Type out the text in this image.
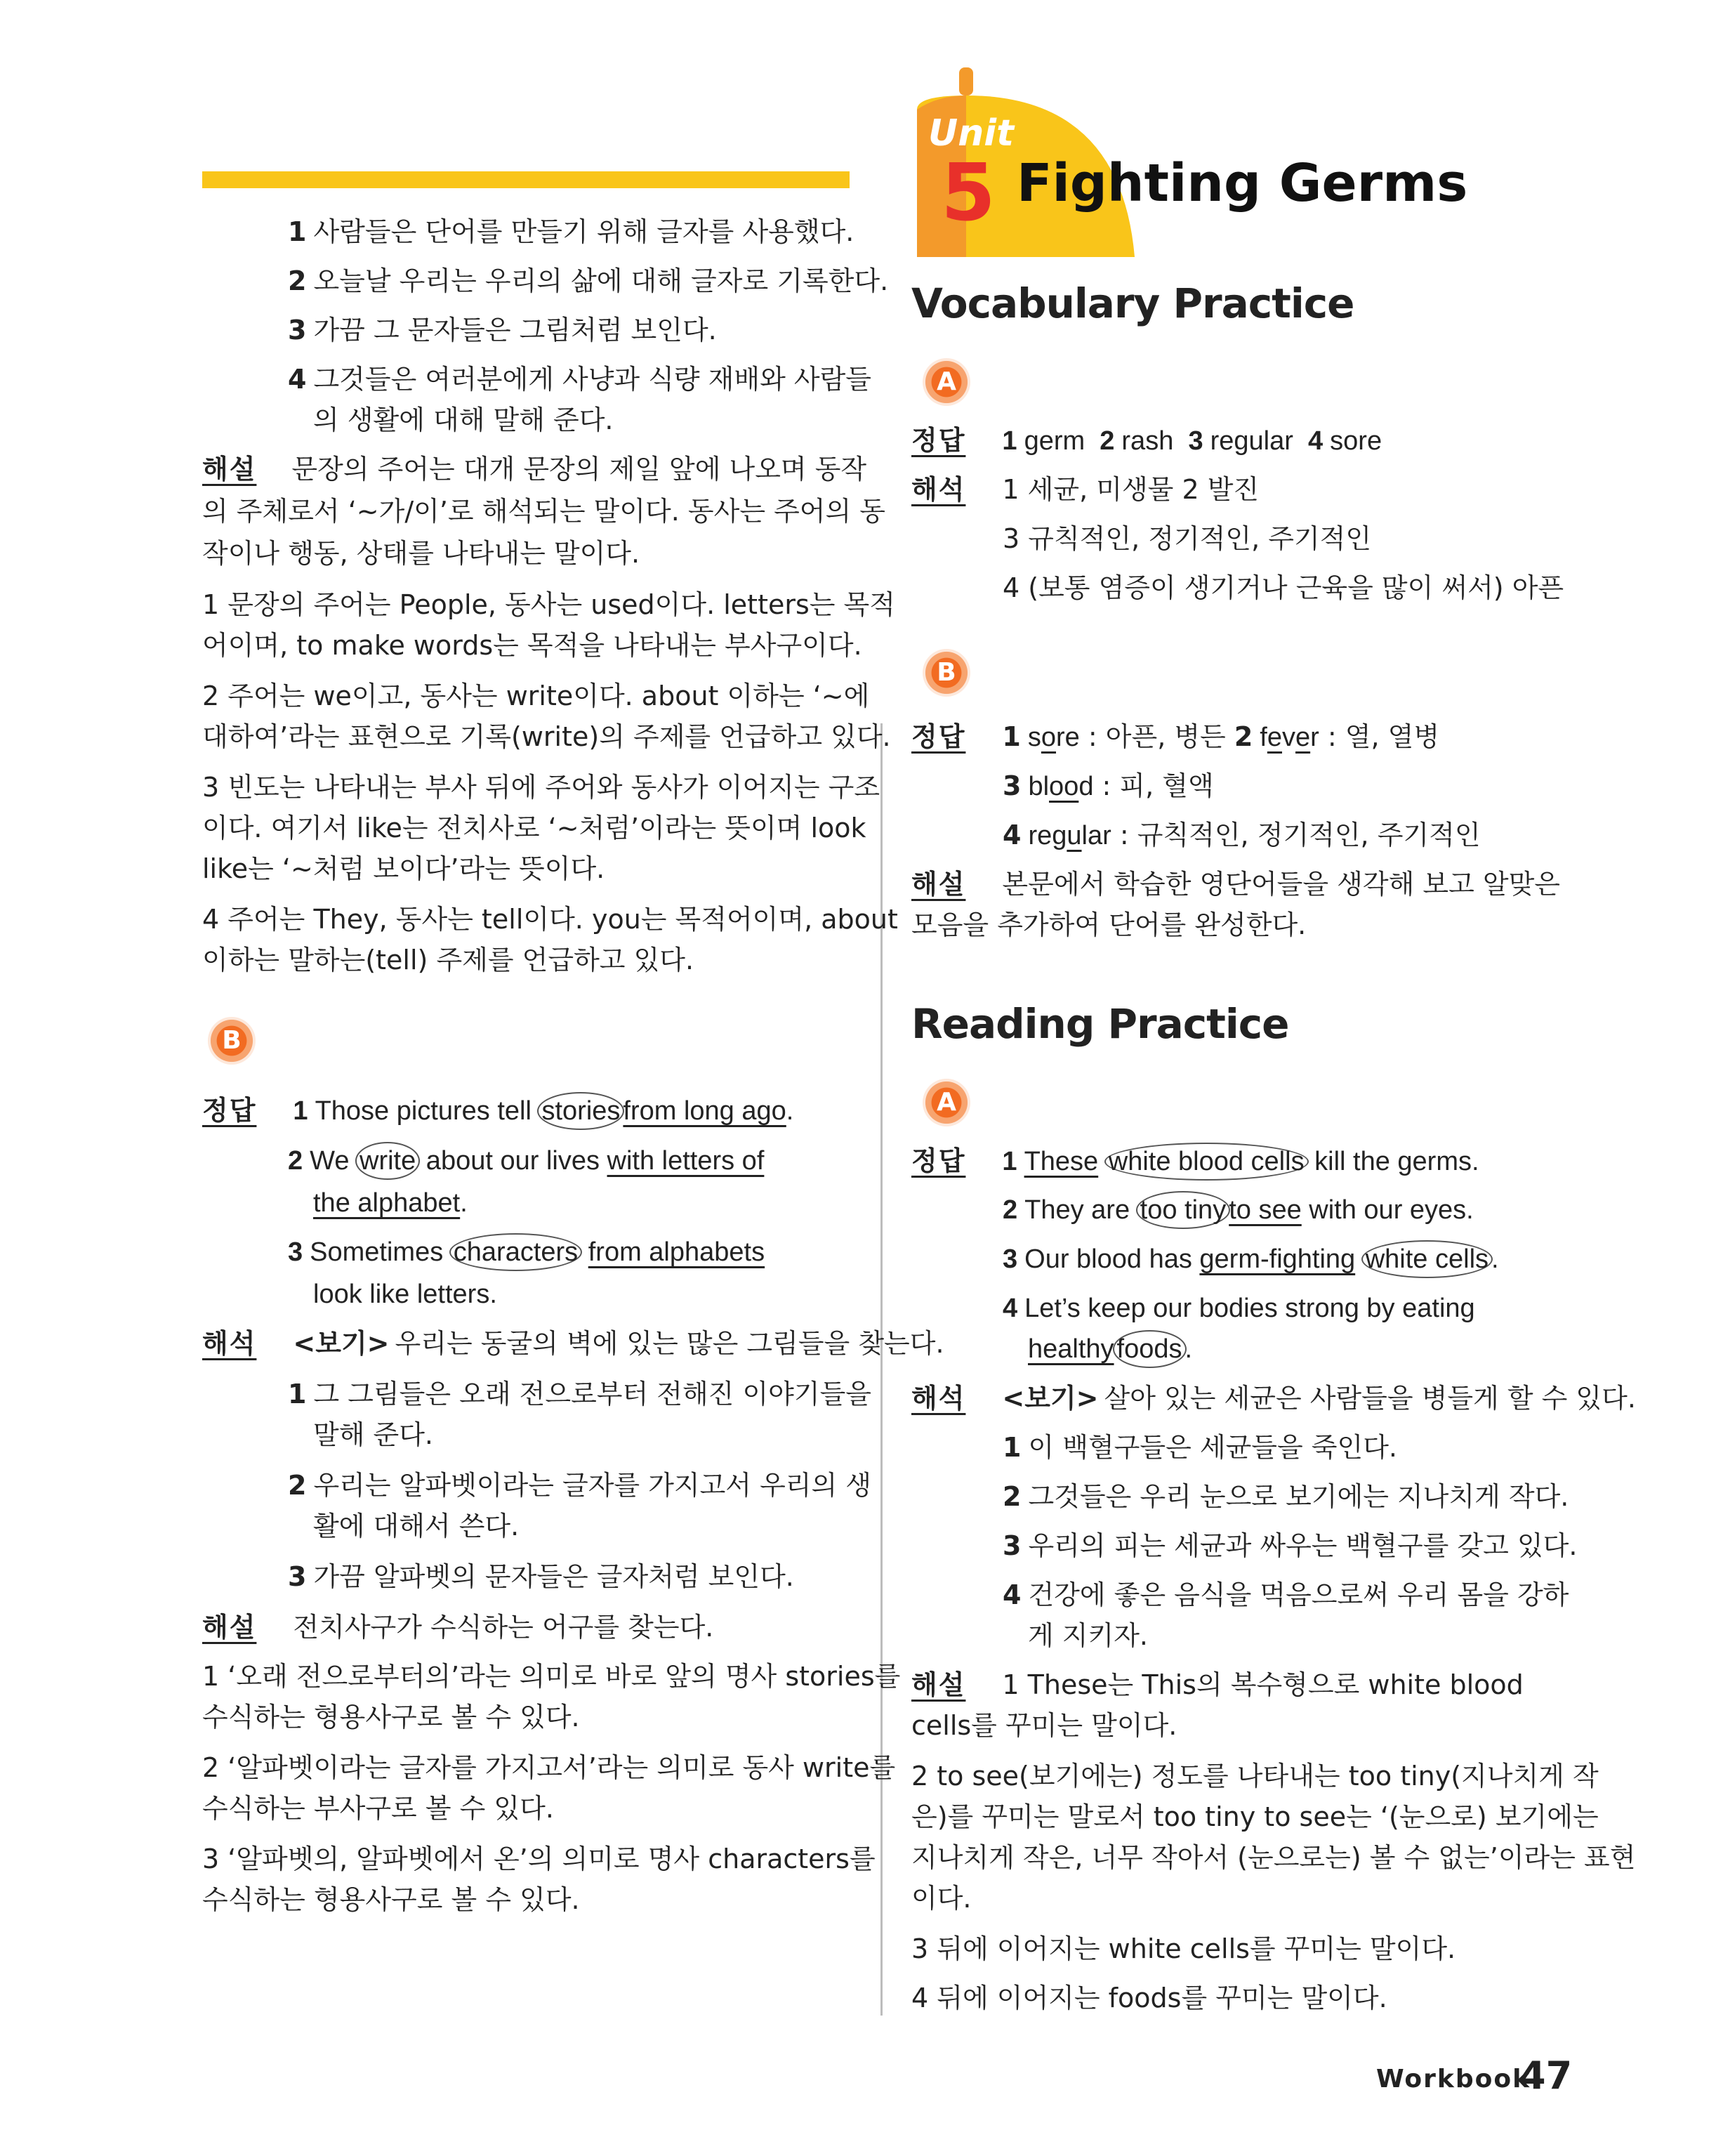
1 사람들은 단어를 만들기 위해 글자를 사용했다.
2 오늘날 우리는 우리의 삶에 대해 글자로 기록한다.
3 가끔 그 문자들은 그림처럼 보인다.
4 그것들은 여러분에게 사냥과 식량 재배와 사람들
의 생활에 대해 말해 준다.
해설 문장의 주어는 대개 문장의 제일 앞에 나오며 동작
의 주체로서 ‘~가/이’로 해석되는 말이다. 동사는 주어의 동
작이나 행동, 상태를 나타내는 말이다.
1 문장의 주어는 People, 동사는 used이다. letters는 목적
어이며, to make words는 목적을 나타내는 부사구이다.
2 주어는 we이고, 동사는 write이다. about 이하는 ‘~에
대하여’라는 표현으로 기록(write)의 주제를 언급하고 있다.
3 빈도는 나타내는 부사 뒤에 주어와 동사가 이어지는 구조
이다. 여기서 like는 전치사로 ‘~처럼’이라는 뜻이며 look
like는 ‘~처럼 보이다’라는 뜻이다.
4 주어는 They, 동사는 tell이다. you는 목적어이며, about
이하는 말하는(tell) 주제를 언급하고 있다.
B
정답 1 Those pictures tell stories from long ago.
2 We write about our lives with letters of
the alphabet.
3 Sometimes characters from alphabets
look like letters.
해석 <보기> 우리는 동굴의 벽에 있는 많은 그림들을 찾는다.
1 그 그림들은 오래 전으로부터 전해진 이야기들을
말해 준다.
2 우리는 알파벳이라는 글자를 가지고서 우리의 생
활에 대해서 쓴다.
3 가끔 알파벳의 문자들은 글자처럼 보인다.
해설 전치사구가 수식하는 어구를 찾는다.
1 ‘오래 전으로부터의’라는 의미로 바로 앞의 명사 stories를
수식하는 형용사구로 볼 수 있다.
2 ‘알파벳이라는 글자를 가지고서’라는 의미로 동사 write를
수식하는 부사구로 볼 수 있다.
3 ‘알파벳의, 알파벳에서 온’의 의미로 명사 characters를
수식하는 형용사구로 볼 수 있다.
Unit
5 Fighting Germs
Vocabulary Practice
A
정답 1 germ 2 rash 3 regular 4 sore
해석 1 세균, 미생물 2 발진
3 규칙적인, 정기적인, 주기적인
4 (보통 염증이 생기거나 근육을 많이 써서) 아픈
B
정답 1 sore : 아픈, 병든 2 fever : 열, 열병
3 blood : 피, 혈액
4 regular : 규칙적인, 정기적인, 주기적인
해설 본문에서 학습한 영단어들을 생각해 보고 알맞은
모음을 추가하여 단어를 완성한다.
Reading Practice
A
정답 1 These white blood cells kill the germs.
2 They are too tiny to see with our eyes.
3 Our blood has germ-fighting white cells .
4 Let’s keep our bodies strong by eating
healthy foods .
해석 <보기> 살아 있는 세균은 사람들을 병들게 할 수 있다.
1 이 백혈구들은 세균들을 죽인다.
2 그것들은 우리 눈으로 보기에는 지나치게 작다.
3 우리의 피는 세균과 싸우는 백혈구를 갖고 있다.
4 건강에 좋은 음식을 먹음으로써 우리 몸을 강하
게 지키자.
해설 1 These는 This의 복수형으로 white blood
cells를 꾸미는 말이다.
2 to see(보기에는) 정도를 나타내는 too tiny(지나치게 작
은)를 꾸미는 말로서 too tiny to see는 ‘(눈으로) 보기에는
지나치게 작은, 너무 작아서 (눈으로는) 볼 수 없는’이라는 표현
이다.
3 뒤에 이어지는 white cells를 꾸미는 말이다.
4 뒤에 이어지는 foods를 꾸미는 말이다.
Workbook
47
